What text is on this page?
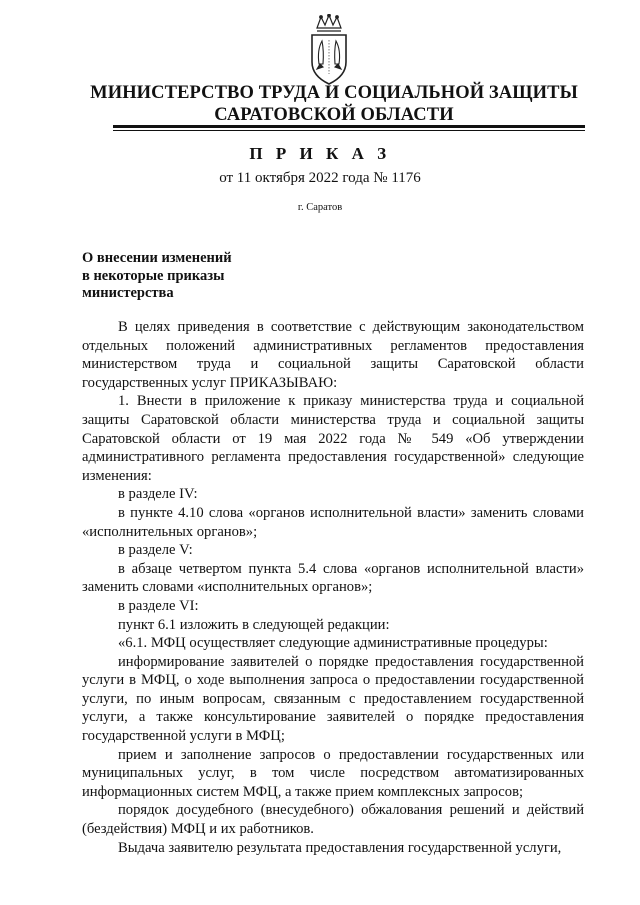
МИНИСТЕРСТВО ТРУДА И СОЦИАЛЬНОЙ ЗАЩИТЫ
САРАТОВСКОЙ ОБЛАСТИ
П Р И К А З
от 11 октября 2022 года № 1176
г. Саратов
О внесении изменений
в некоторые приказы
министерства

В целях приведения в соответствие с действующим законодательством отдельных положений административных регламентов предоставления министерством труда и социальной защиты Саратовской области государственных услуг ПРИКАЗЫВАЮ:

1. Внести в приложение к приказу министерства труда и социальной защиты Саратовской области министерства труда и социальной защиты Саратовской области от 19 мая 2022 года № 549 «Об утверждении административного регламента предоставления государственной» следующие изменения:

в разделе IV:

в пункте 4.10 слова «органов исполнительной власти» заменить словами «исполнительных органов»;

в разделе V:

в абзаце четвертом пункта 5.4 слова «органов исполнительной власти» заменить словами «исполнительных органов»;

в разделе VI:

пункт 6.1 изложить в следующей редакции:

«6.1. МФЦ осуществляет следующие административные процедуры:

информирование заявителей о порядке предоставления государственной услуги в МФЦ, о ходе выполнения запроса о предоставлении государственной услуги, по иным вопросам, связанным с предоставлением государственной услуги, а также консультирование заявителей о порядке предоставления государственной услуги в МФЦ;

прием и заполнение запросов о предоставлении государственных или муниципальных услуг, в том числе посредством автоматизированных информационных систем МФЦ, а также прием комплексных запросов;

порядок досудебного (внесудебного) обжалования решений и действий (бездействия) МФЦ и их работников.

Выдача заявителю результата предоставления государственной услуги,
